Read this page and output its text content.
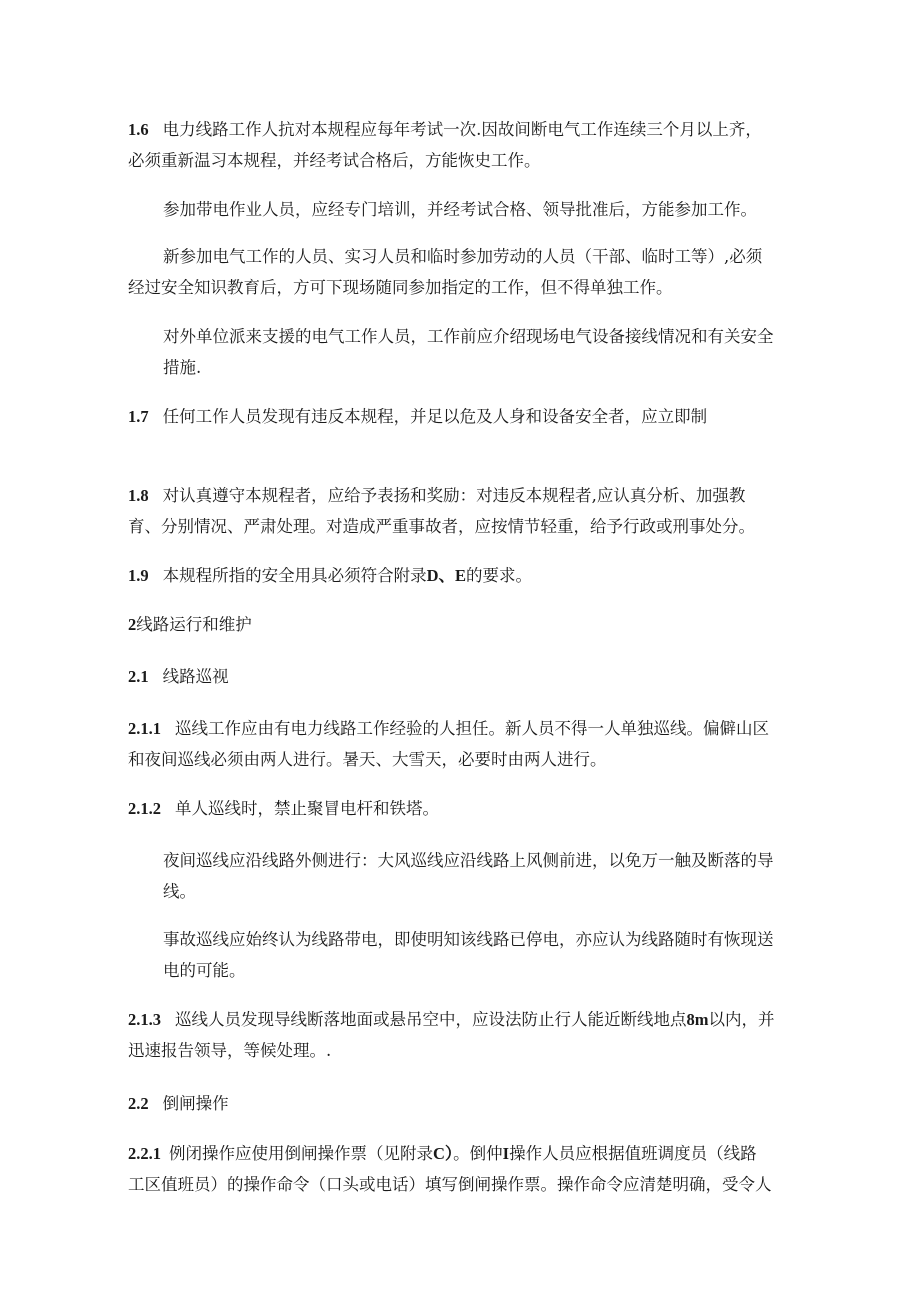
1.6 电力线路工作人抗对本规程应每年考试一次.因故间断电气工作连续三个月以上齐，
必须重新温习本规程，并经考试合格后，方能恢史工作。

参加带电作业人员，应经专门培训，并经考试合格、领导批准后，方能参加工作。

新参加电气工作的人员、实习人员和临时参加劳动的人员（干部、临时工等）,必须
经过安全知识教育后，方可下现场随同参加指定的工作，但不得单独工作。

对外单位派来支援的电气工作人员，工作前应介绍现场电气设备接线情况和有关安全
措施.

1.7 任何工作人员发现有违反本规程，并足以危及人身和设备安全者，应立即制

1.8 对认真遵守本规程者，应给予表扬和奖励：对违反本规程者,应认真分析、加强教
育、分别情况、严肃处理。对造成严重事故者，应按情节轻重，给予行政或刑事处分。

1.9 本规程所指的安全用具必须符合附录D、E的要求。

2线路运行和维护

2.1 线路巡视

2.1.1 巡线工作应由有电力线路工作经验的人担任。新人员不得一人单独巡线。偏僻山区
和夜间巡线必须由两人进行。暑天、大雪天，必要时由两人进行。

2.1.2 单人巡线时，禁止聚冒电杆和铁塔。

夜间巡线应沿线路外侧进行：大风巡线应沿线路上风侧前进，以免万一触及断落的导
线。

事故巡线应始终认为线路带电，即使明知该线路已停电，亦应认为线路随时有恢现送
电的可能。

2.1.3 巡线人员发现导线断落地面或悬吊空中，应设法防止行人能近断线地点8m以内，并
迅速报告领导，等候处理。.

2.2 倒闸操作

2.2.1 例闭操作应使用倒闸操作票（见附录C）。倒仲I操作人员应根据值班调度员（线路
工区值班员）的操作命令（口头或电话）填写倒闸操作票。操作命令应清楚明确，受令人
